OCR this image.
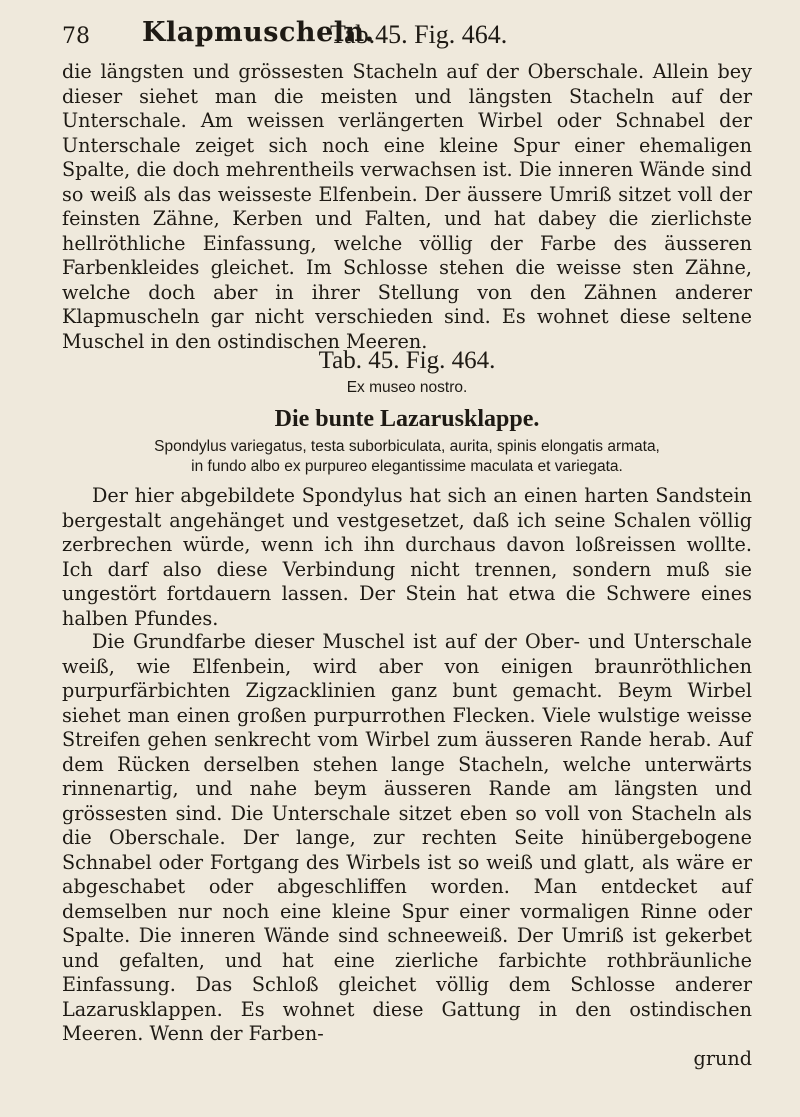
78 Klapmuscheln.
Tab.45. Fig. 464.

die längsten und grössesten Stacheln auf der Oberschale. Allein bey dieser siehet man die meisten und längsten Stacheln auf der Unterschale. Am weissen verlängerten Wirbel oder Schnabel der Unterschale zeiget sich noch eine kleine Spur einer ehemaligen Spalte, die doch mehrentheils verwachsen ist. Die inneren Wände sind so weiß als das weisseste Elfenbein. Der äussere Umriß sitzet voll der feinsten Zähne, Kerben und Falten, und hat dabey die zierlichste hellröthliche Einfassung, welche völlig der Farbe des äusseren Farbenkleides gleichet. Im Schlosse stehen die weisse sten Zähne, welche doch aber in ihrer Stellung von den Zähnen anderer Klapmuscheln gar nicht verschieden sind. Es wohnet diese seltene Muschel in den ostindischen Meeren.

Tab. 45. Fig. 464.
Ex museo nostro.
Die bunte Lazarusklappe.
Spondylus variegatus, testa suborbiculata, aurita, spinis elongatis armata,
in fundo albo ex purpureo elegantissime maculata et variegata.

Der hier abgebildete Spondylus hat sich an einen harten Sandstein bergestalt angehänget und vestgesetzet, daß ich seine Schalen völlig zerbrechen würde, wenn ich ihn durchaus davon loßreissen wollte. Ich darf also diese Verbindung nicht trennen, sondern muß sie ungestört fortdauern lassen. Der Stein hat etwa die Schwere eines halben Pfundes.

Die Grundfarbe dieser Muschel ist auf der Ober- und Unterschale weiß, wie Elfenbein, wird aber von einigen braunröthlichen purpurfärbichten Zigzacklinien ganz bunt gemacht. Beym Wirbel siehet man einen großen purpurrothen Flecken. Viele wulstige weisse Streifen gehen senkrecht vom Wirbel zum äusseren Rande herab. Auf dem Rücken derselben stehen lange Stacheln, welche unterwärts rinnenartig, und nahe beym äusseren Rande am längsten und grössesten sind. Die Unterschale sitzet eben so voll von Stacheln als die Oberschale. Der lange, zur rechten Seite hinübergebogene Schnabel oder Fortgang des Wirbels ist so weiß und glatt, als wäre er abgeschabet oder abgeschliffen worden. Man entdecket auf demselben nur noch eine kleine Spur einer vormaligen Rinne oder Spalte. Die inneren Wände sind schneeweiß. Der Umriß ist gekerbet und gefalten, und hat eine zierliche farbichte rothbräunliche Einfassung. Das Schloß gleichet völlig dem Schlosse anderer Lazarusklappen. Es wohnet diese Gattung in den ostindischen Meeren. Wenn der Farben-

grund
